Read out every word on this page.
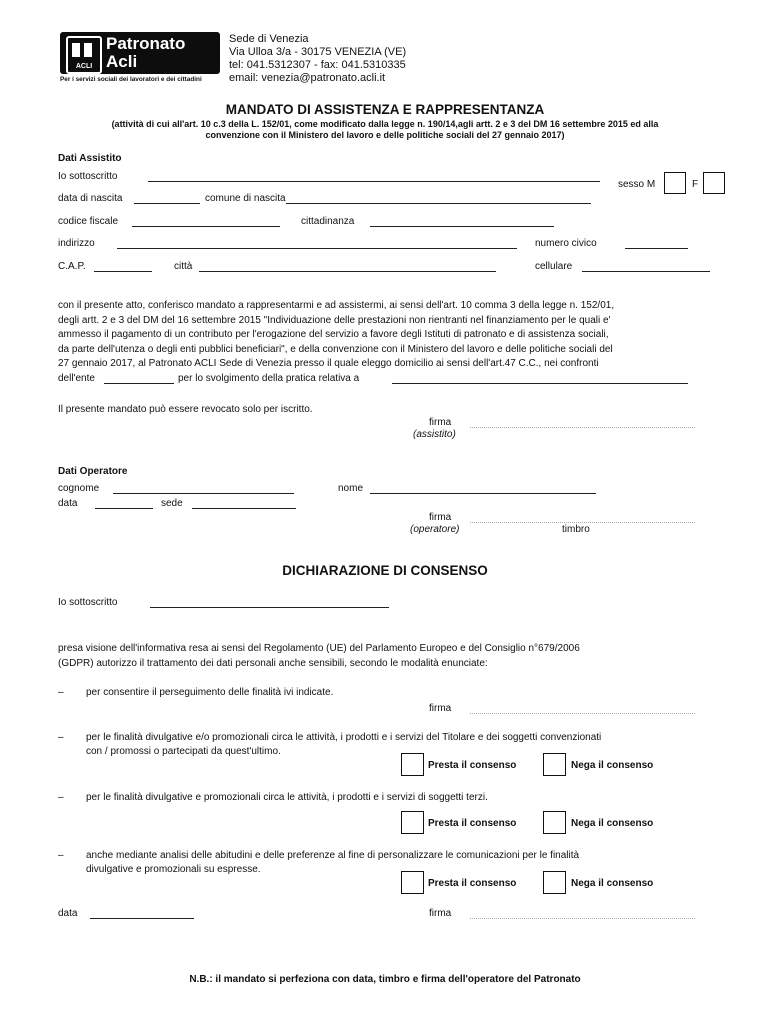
ACLI
Patronato
Acli
Per i servizi sociali dei lavoratori e dei cittadini
Sede di Venezia
Via Ulloa 3/a - 30175 VENEZIA (VE)
tel: 041.5312307 - fax: 041.5310335
email: venezia@patronato.acli.it
MANDATO DI ASSISTENZA E RAPPRESENTANZA
(attività di cui all'art. 10 c.3 della L. 152/01, come modificato dalla legge n. 190/14,agli artt. 2 e 3 del DM 16 settembre 2015 ed alla
convenzione con il Ministero del lavoro e delle politiche sociali del 27 gennaio 2017)
Dati Assistito
Io sottoscritto
sesso M	F
data di nascita	comune di nascita
codice fiscale	cittadinanza
indirizzo	numero civico
C.A.P.	città	cellulare
con il presente atto, conferisco mandato a rappresentarmi e ad assistermi, ai sensi dell'art. 10 comma 3 della legge n. 152/01,
degli artt. 2 e 3 del DM del 16 settembre 2015 "Individuazione delle prestazioni non rientranti nel finanziamento per le quali e'
ammesso il pagamento di un contributo per l'erogazione del servizio a favore degli Istituti di patronato e di assistenza sociali,
da parte dell'utenza o degli enti pubblici beneficiari", e della convenzione con il Ministero del lavoro e delle politiche sociali del
27 gennaio 2017, al Patronato ACLI Sede di Venezia presso il quale eleggo domicilio ai sensi dell'art.47 C.C., nei confronti
dell'ente	per lo svolgimento della pratica relativa a
Il presente mandato può essere revocato solo per iscritto.
firma
(assistito)
Dati Operatore
cognome	nome
data	sede
firma
(operatore)	timbro
DICHIARAZIONE DI CONSENSO
Io sottoscritto
presa visione dell'informativa resa ai sensi del Regolamento (UE) del Parlamento Europeo e del Consiglio n°679/2006
(GDPR) autorizzo il trattamento dei dati personali anche sensibili, secondo le modalità enunciate:
– per consentire il perseguimento delle finalità ivi indicate.
firma
– per le finalità divulgative e/o promozionali circa le attività, i prodotti e i servizi del Titolare e dei soggetti convenzionati
con / promossi o partecipati da quest'ultimo.
Presta il consenso	Nega il consenso
– per le finalità divulgative e promozionali circa le attività, i prodotti e i servizi di soggetti terzi.
Presta il consenso	Nega il consenso
– anche mediante analisi delle abitudini e delle preferenze al fine di personalizzare le comunicazioni per le finalità
divulgative e promozionali su espresse.
Presta il consenso	Nega il consenso
data	firma
N.B.: il mandato si perfeziona con data, timbro e firma dell'operatore del Patronato
